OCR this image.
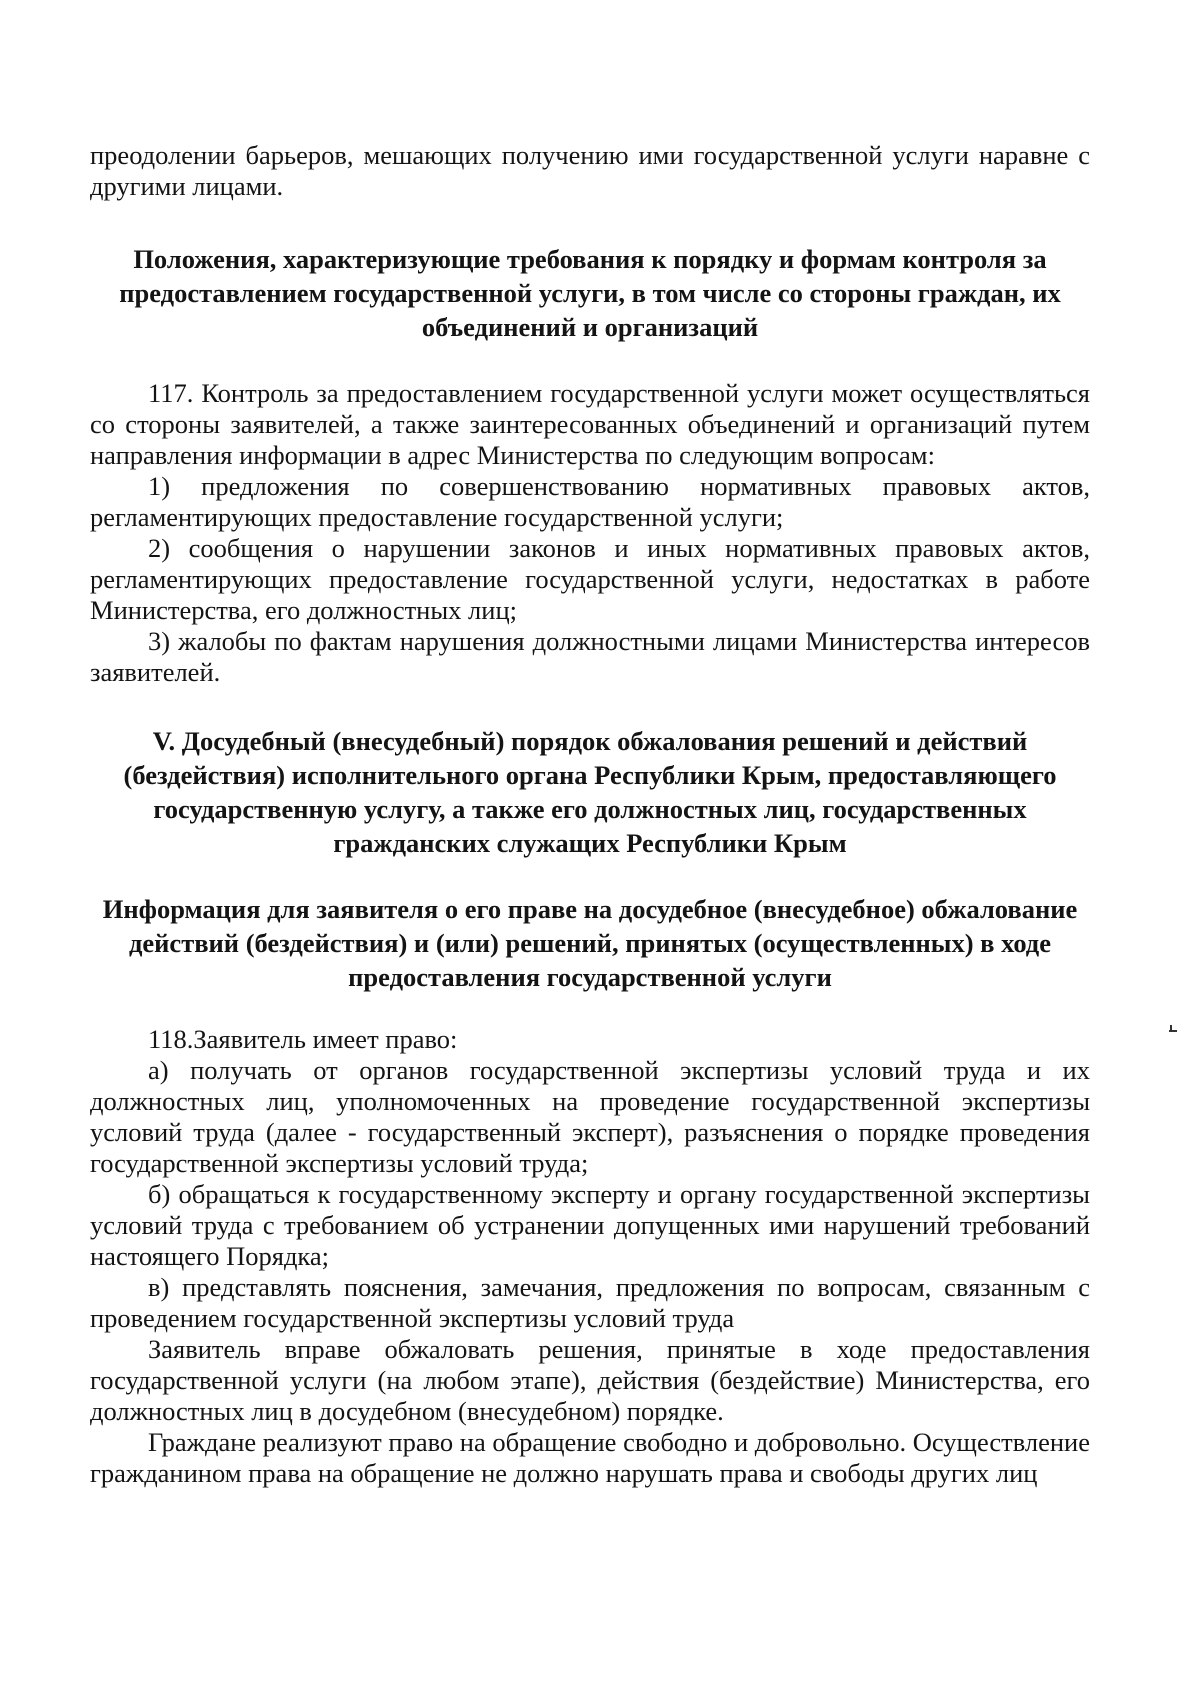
преодолении барьеров, мешающих получению ими государственной услуги наравне с другими лицами.

Положения, характеризующие требования к порядку и формам контроля за предоставлением государственной услуги, в том числе со стороны граждан, их объединений и организаций

117. Контроль за предоставлением государственной услуги может осуществляться со стороны заявителей, а также заинтересованных объединений и организаций путем направления информации в адрес Министерства по следующим вопросам:

1) предложения по совершенствованию нормативных правовых актов, регламентирующих предоставление государственной услуги;

2) сообщения о нарушении законов и иных нормативных правовых актов, регламентирующих предоставление государственной услуги, недостатках в работе Министерства, его должностных лиц;

3) жалобы по фактам нарушения должностными лицами Министерства интересов заявителей.

V. Досудебный (внесудебный) порядок обжалования решений и действий (бездействия) исполнительного органа Республики Крым, предоставляющего государственную услугу, а также его должностных лиц, государственных гражданских служащих Республики Крым

Информация для заявителя о его праве на досудебное (внесудебное) обжалование действий (бездействия) и (или) решений, принятых (осуществленных) в ходе предоставления государственной услуги

118.Заявитель имеет право:

а) получать от органов государственной экспертизы условий труда и их должностных лиц, уполномоченных на проведение государственной экспертизы условий труда (далее - государственный эксперт), разъяснения о порядке проведения государственной экспертизы условий труда;

б) обращаться к государственному эксперту и органу государственной экспертизы условий труда с требованием об устранении допущенных ими нарушений требований настоящего Порядка;

в) представлять пояснения, замечания, предложения по вопросам, связанным с проведением государственной экспертизы условий труда

Заявитель вправе обжаловать решения, принятые в ходе предоставления государственной услуги (на любом этапе), действия (бездействие) Министерства, его должностных лиц в досудебном (внесудебном) порядке.

Граждане реализуют право на обращение свободно и добровольно. Осуществление гражданином права на обращение не должно нарушать права и свободы других лиц
